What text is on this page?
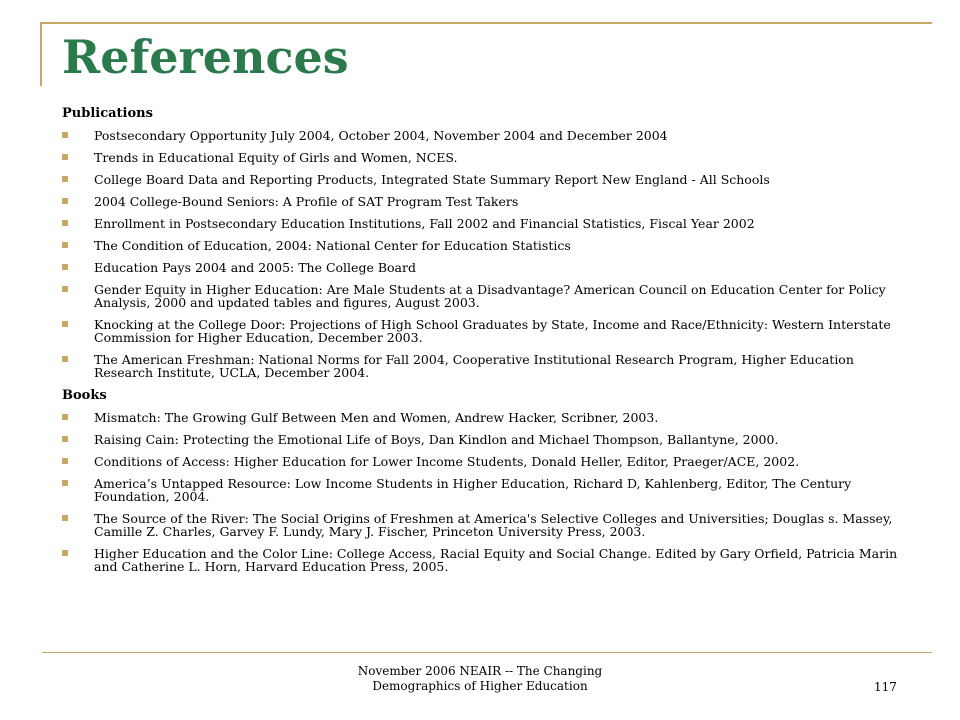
References
Publications
Postsecondary Opportunity July 2004, October 2004, November 2004 and December 2004
Trends in Educational Equity of Girls and Women, NCES.
College Board Data and Reporting Products, Integrated State Summary Report New England - All Schools
2004 College-Bound Seniors: A Profile of SAT Program Test Takers
Enrollment in Postsecondary Education Institutions, Fall 2002 and Financial Statistics, Fiscal Year 2002
The Condition of Education, 2004: National Center for Education Statistics
Education Pays 2004 and 2005: The College Board
Gender Equity in Higher Education: Are Male Students at a Disadvantage? American Council on Education Center for Policy Analysis, 2000 and updated tables and figures, August 2003.
Knocking at the College Door: Projections of High School Graduates by State, Income and Race/Ethnicity: Western Interstate Commission for Higher Education, December 2003.
The American Freshman: National Norms for Fall 2004, Cooperative Institutional Research Program, Higher Education Research Institute, UCLA, December 2004.
Books
Mismatch: The Growing Gulf Between Men and Women, Andrew Hacker, Scribner, 2003.
Raising Cain: Protecting the Emotional Life of Boys, Dan Kindlon and Michael Thompson, Ballantyne, 2000.
Conditions of Access: Higher Education for Lower Income Students, Donald Heller, Editor, Praeger/ACE, 2002.
America’s Untapped Resource: Low Income Students in Higher Education, Richard D, Kahlenberg, Editor, The Century Foundation, 2004.
The Source of the River: The Social Origins of Freshmen at America's Selective Colleges and Universities; Douglas s. Massey, Camille Z. Charles, Garvey F. Lundy, Mary J. Fischer, Princeton University Press, 2003.
Higher Education and the Color Line: College Access, Racial Equity and Social Change. Edited by Gary Orfield, Patricia Marin and Catherine L. Horn, Harvard Education Press, 2005.
November 2006 NEAIR -- The Changing
Demographics of Higher Education	117
